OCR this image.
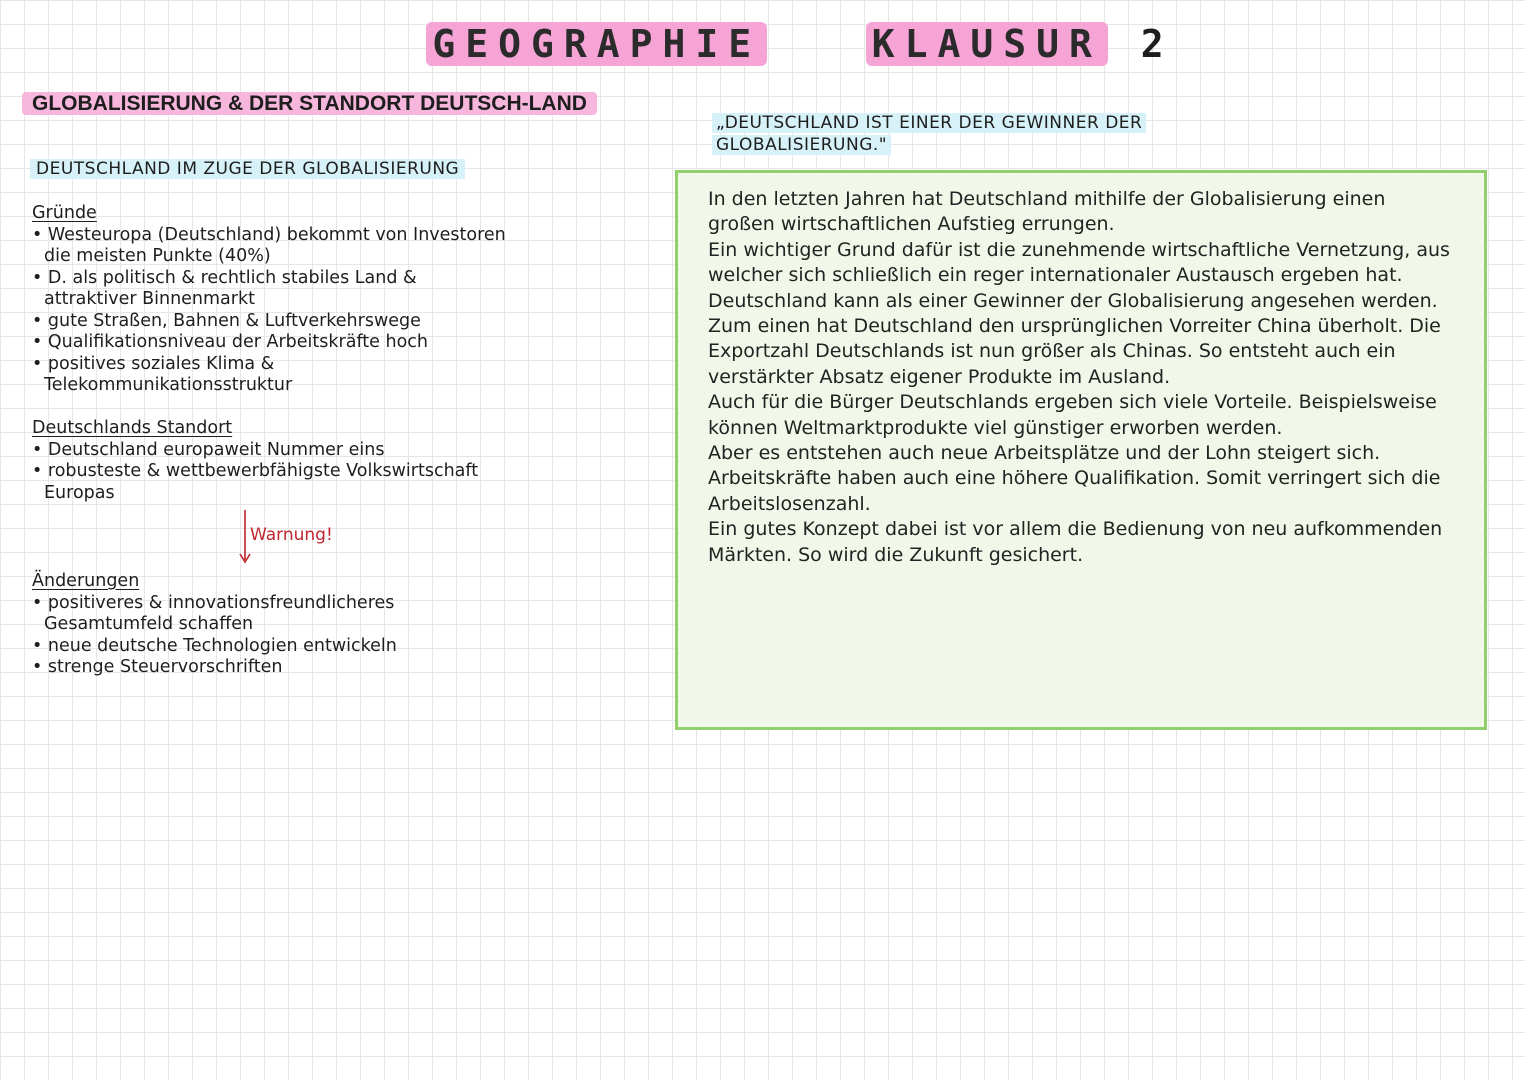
GEOGRAPHIE	KLAUSUR 2
GLOBALISIERUNG & DER STANDORT DEUTSCH-LAND
DEUTSCHLAND IM ZUGE DER GLOBALISIERUNG
Gründe
• Westeuropa (Deutschland) bekommt von Investoren die meisten Punkte (40%)
• D. als politisch & rechtlich stabiles Land & attraktiver Binnenmarkt
• gute Straßen, Bahnen & Luftverkehrswege
• Qualifikationsniveau der Arbeitskräfte hoch
• positives soziales Klima & Telekommunikationsstruktur
Deutschlands Standort
• Deutschland europaweit Nummer eins
• robusteste & wettbewerbfähigste Volkswirtschaft Europas
Warnung!
Änderungen
• positiveres & innovationsfreundlicheres Gesamtumfeld schaffen
• neue deutsche Technologien entwickeln
• strenge Steuervorschriften
„DEUTSCHLAND IST EINER DER GEWINNER DER GLOBALISIERUNG."

In den letzten Jahren hat Deutschland mithilfe der Globalisierung einen großen wirtschaftlichen Aufstieg errungen.

Ein wichtiger Grund dafür ist die zunehmende wirtschaftliche Vernetzung, aus welcher sich schließlich ein reger internationaler Austausch ergeben hat.

Deutschland kann als einer Gewinner der Globalisierung angesehen werden.

Zum einen hat Deutschland den ursprünglichen Vorreiter China überholt. Die Exportzahl Deutschlands ist nun größer als Chinas. So entsteht auch ein verstärkter Absatz eigener Produkte im Ausland.

Auch für die Bürger Deutschlands ergeben sich viele Vorteile. Beispielsweise können Weltmarktprodukte viel günstiger erworben werden.

Aber es entstehen auch neue Arbeitsplätze und der Lohn steigert sich. Arbeitskräfte haben auch eine höhere Qualifikation. Somit verringert sich die Arbeitslosenzahl.

Ein gutes Konzept dabei ist vor allem die Bedienung von neu aufkommenden Märkten. So wird die Zukunft gesichert.
